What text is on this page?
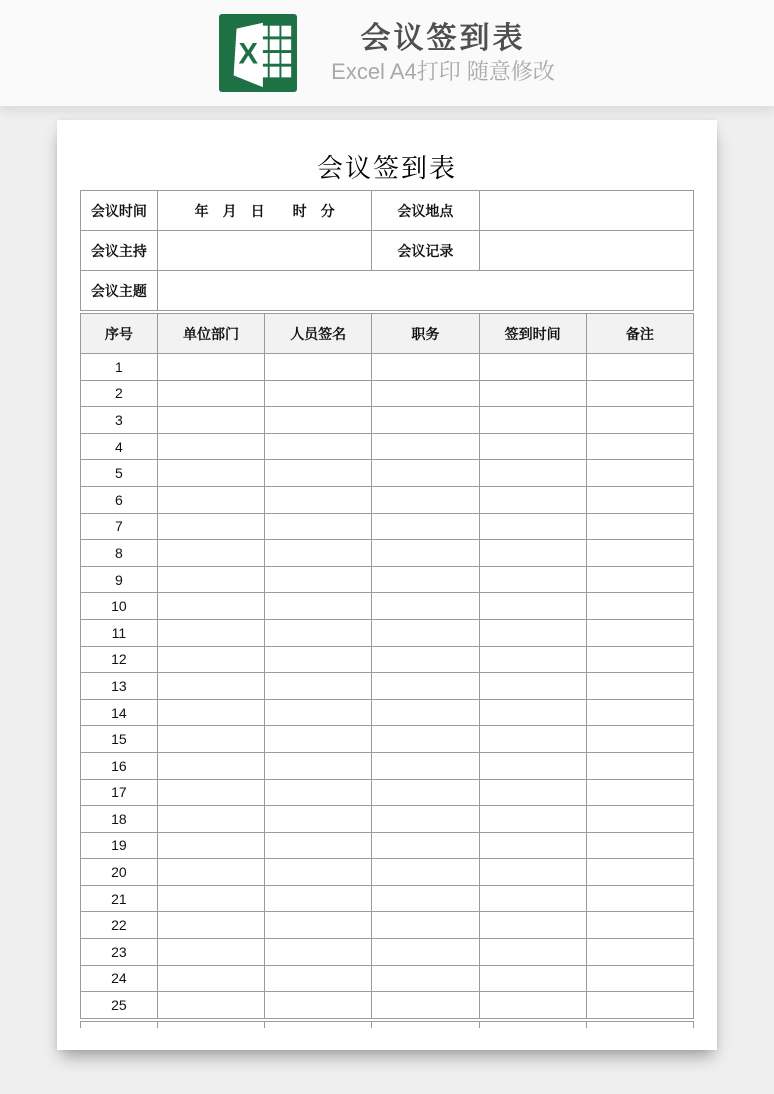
X
会议签到表
Excel A4打印 随意修改
会议签到表
会议时间	年　月　日　　时　分	会议地点	
会议主持		会议记录	
会议主题			
序号	单位部门	人员签名	职务	签到时间	备注
1					
2					
3					
4					
5					
6					
7					
8					
9					
10					
11					
12					
13					
14					
15					
16					
17					
18					
19					
20					
21					
22					
23					
24					
25					
